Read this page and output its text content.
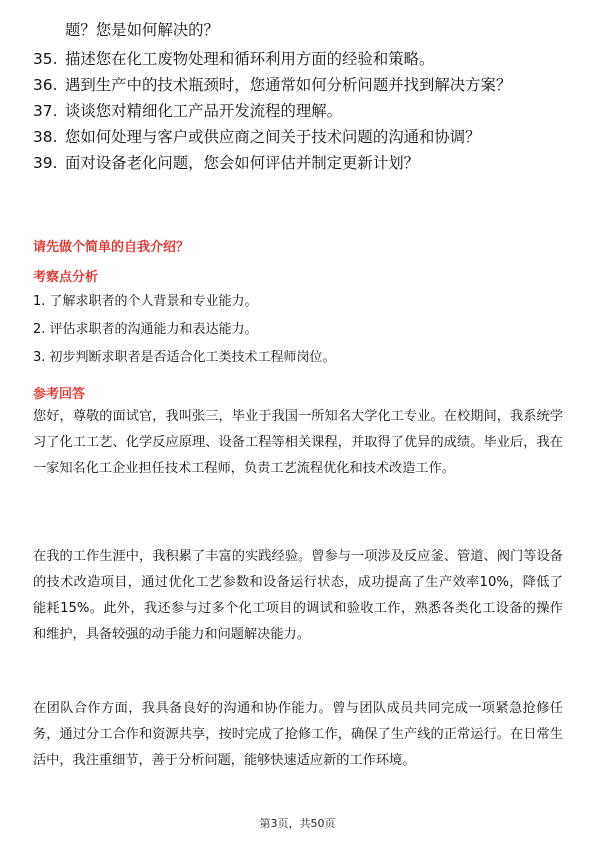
题？您是如何解决的？
35. 描述您在化工废物处理和循环利用方面的经验和策略。
36. 遇到生产中的技术瓶颈时，您通常如何分析问题并找到解决方案？
37. 谈谈您对精细化工产品开发流程的理解。
38. 您如何处理与客户或供应商之间关于技术问题的沟通和协调？
39. 面对设备老化问题，您会如何评估并制定更新计划？
请先做个简单的自我介绍？
考察点分析
1. 了解求职者的个人背景和专业能力。
2. 评估求职者的沟通能力和表达能力。
3. 初步判断求职者是否适合化工类技术工程师岗位。
参考回答
您好，尊敬的面试官，我叫张三，毕业于我国一所知名大学化工专业。在校期间，我系统学习了化工工艺、化学反应原理、设备工程等相关课程，并取得了优异的成绩。毕业后，我在一家知名化工企业担任技术工程师，负责工艺流程优化和技术改造工作。
在我的工作生涯中，我积累了丰富的实践经验。曾参与一项涉及反应釜、管道、阀门等设备的技术改造项目，通过优化工艺参数和设备运行状态，成功提高了生产效率10%，降低了能耗15%。此外，我还参与过多个化工项目的调试和验收工作，熟悉各类化工设备的操作和维护，具备较强的动手能力和问题解决能力。
在团队合作方面，我具备良好的沟通和协作能力。曾与团队成员共同完成一项紧急抢修任务，通过分工合作和资源共享，按时完成了抢修工作，确保了生产线的正常运行。在日常生活中，我注重细节，善于分析问题，能够快速适应新的工作环境。
第3页，共50页
